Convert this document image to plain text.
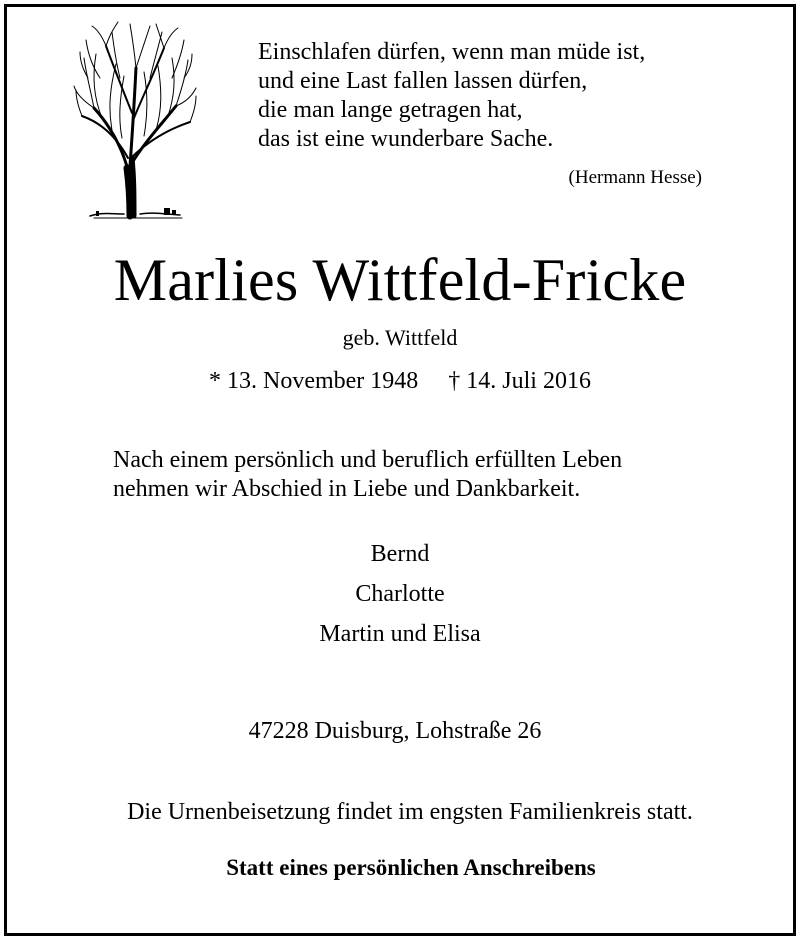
Einschlafen dürfen, wenn man müde ist,
und eine Last fallen lassen dürfen,
die man lange getragen hat,
das ist eine wunderbare Sache.
(Hermann Hesse)
Marlies Wittfeld-Fricke
geb. Wittfeld
* 13. November 1948 † 14. Juli 2016
Nach einem persönlich und beruflich erfüllten Leben
nehmen wir Abschied in Liebe und Dankbarkeit.
Bernd
Charlotte
Martin und Elisa
47228 Duisburg, Lohstraße 26
Die Urnenbeisetzung findet im engsten Familienkreis statt.
Statt eines persönlichen Anschreibens
